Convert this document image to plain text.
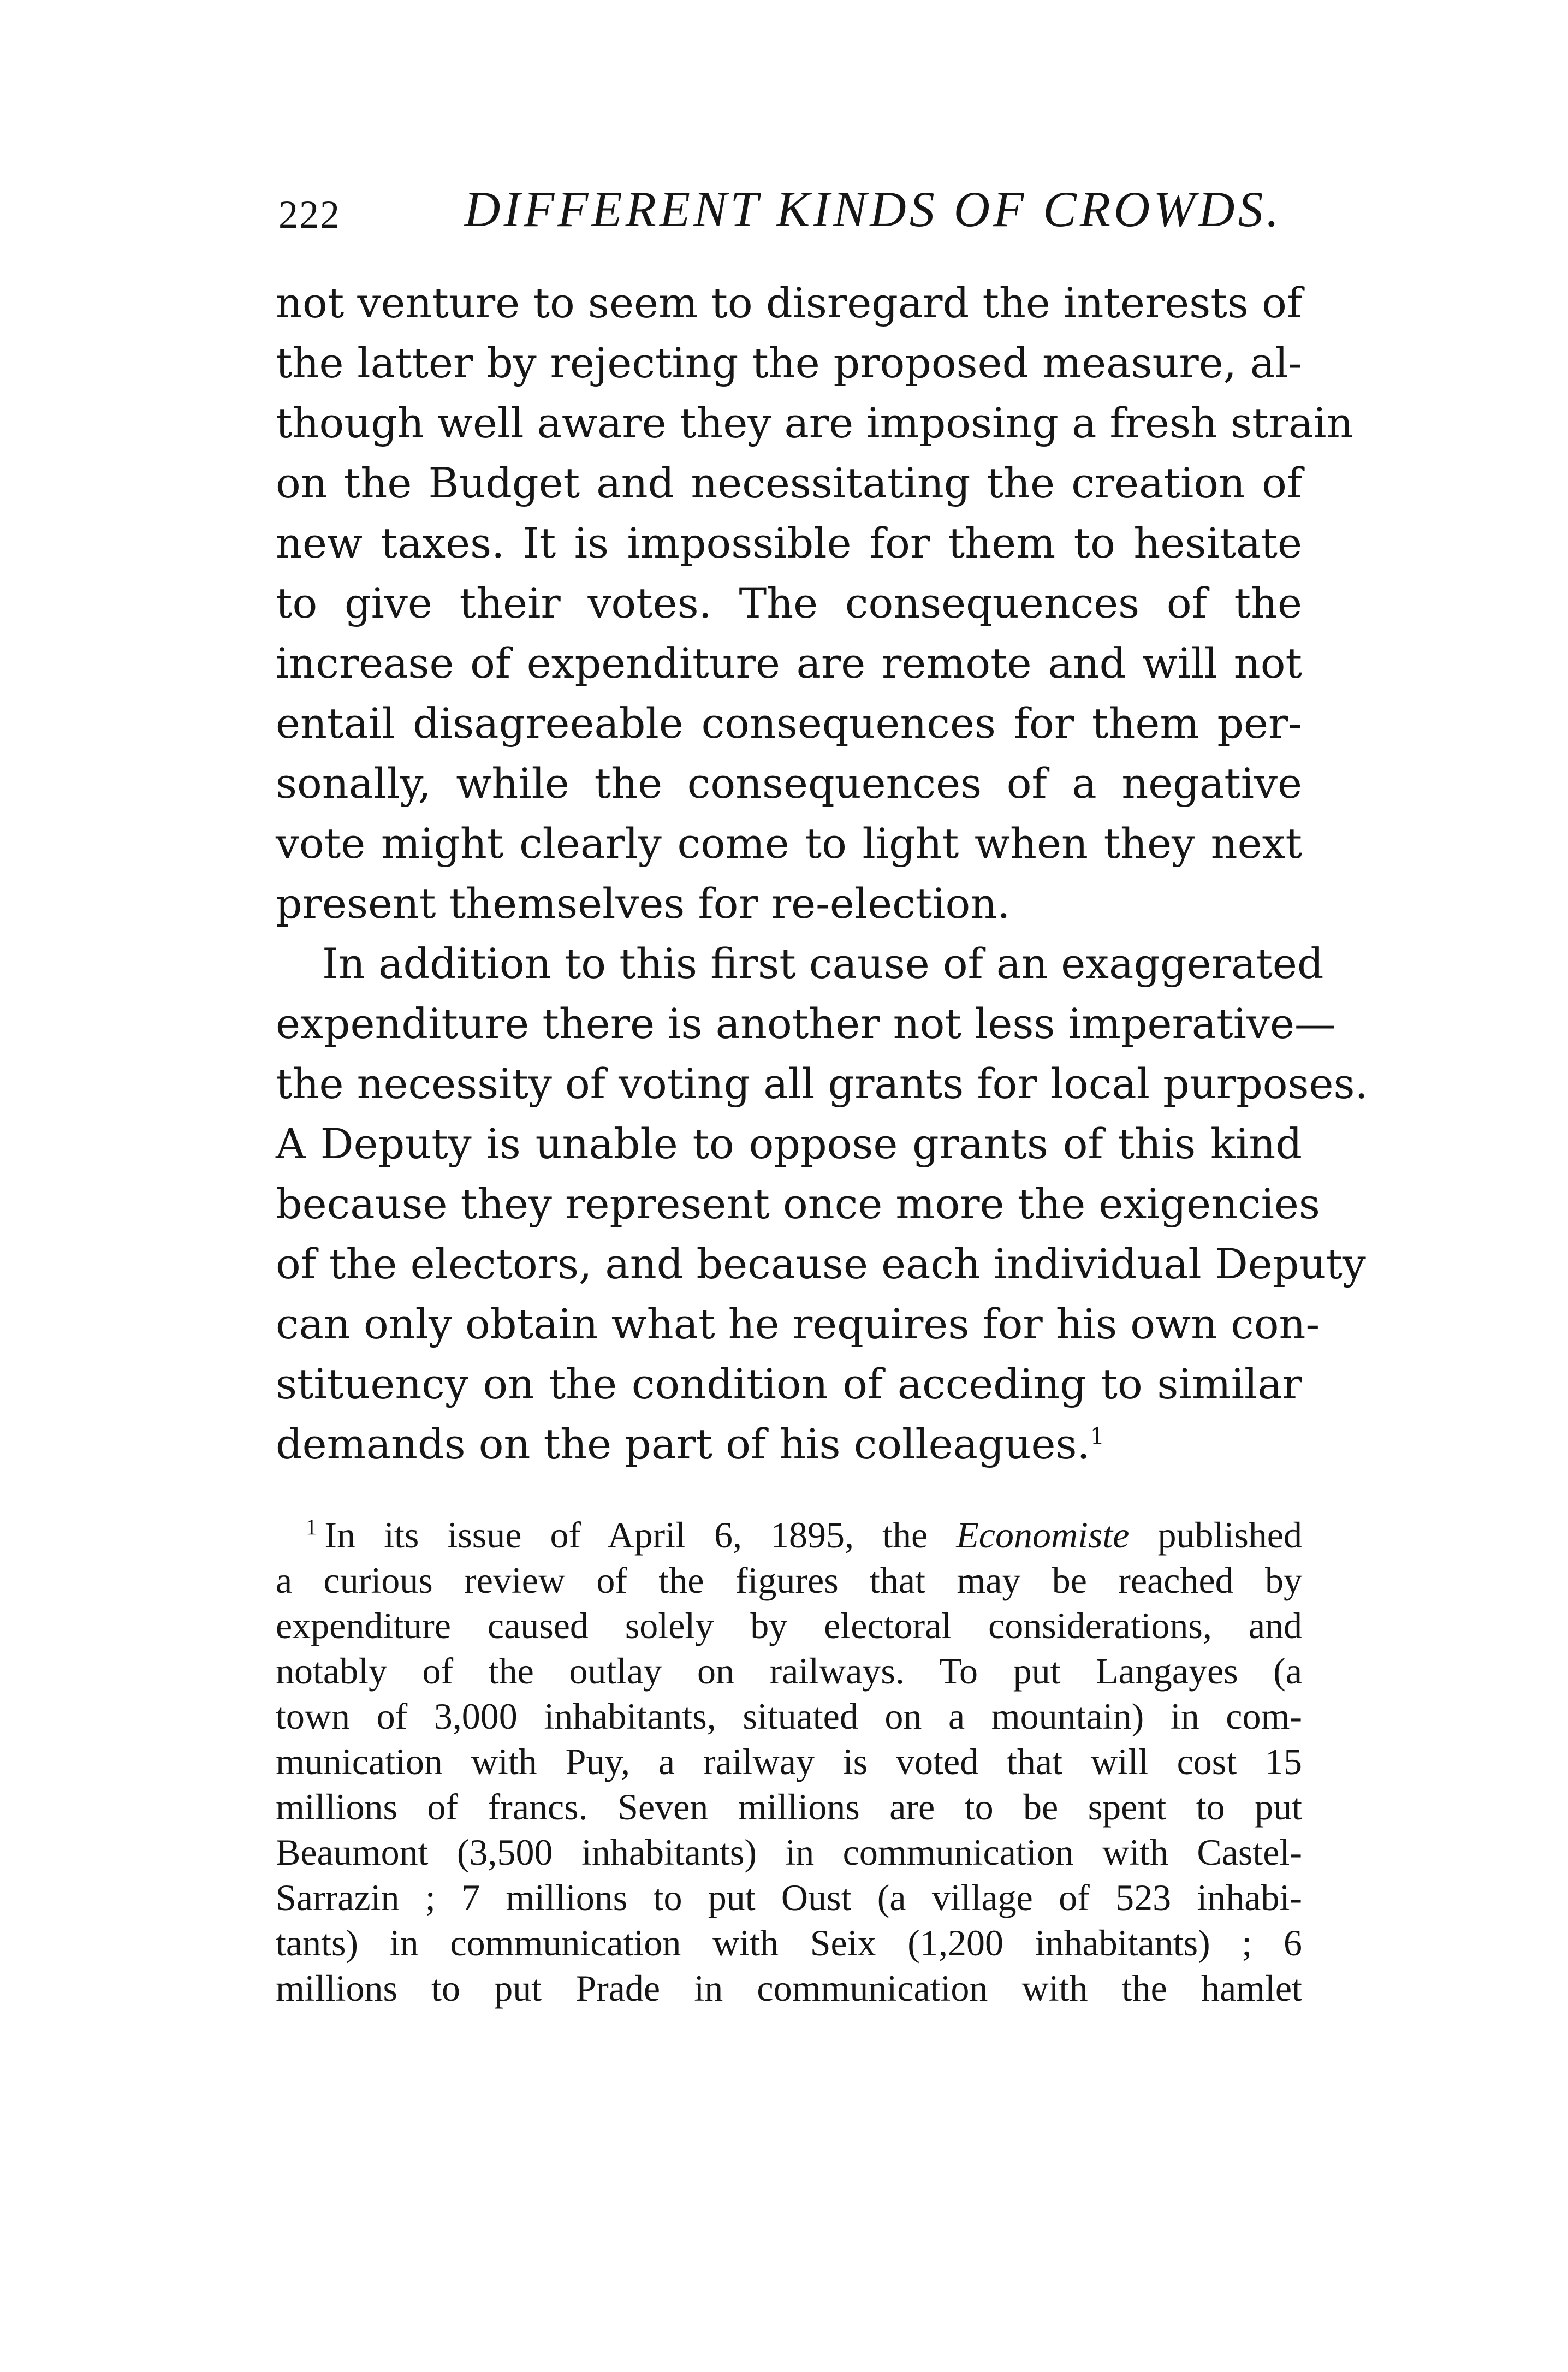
222 DIFFERENT KINDS OF CROWDS.
not venture to seem to disregard the interests of
the latter by rejecting the proposed measure, al-
though well aware they are imposing a fresh strain
on the Budget and necessitating the creation of
new taxes. It is impossible for them to hesitate
to give their votes. The consequences of the
increase of expenditure are remote and will not
entail disagreeable consequences for them per-
sonally, while the consequences of a negative
vote might clearly come to light when they next
present themselves for re-election.
In addition to this first cause of an exaggerated
expenditure there is another not less imperative—
the necessity of voting all grants for local purposes.
A Deputy is unable to oppose grants of this kind
because they represent once more the exigencies
of the electors, and because each individual Deputy
can only obtain what he requires for his own con-
stituency on the condition of acceding to similar
demands on the part of his colleagues.$^1$
$^1$ In its issue of April 6, 1895, the Economiste published
a curious review of the figures that may be reached by
expenditure caused solely by electoral considerations, and
notably of the outlay on railways. To put Langayes (a
town of 3,000 inhabitants, situated on a mountain) in com-
munication with Puy, a railway is voted that will cost 15
millions of francs. Seven millions are to be spent to put
Beaumont (3,500 inhabitants) in communication with Castel-
Sarrazin ; 7 millions to put Oust (a village of 523 inhabi-
tants) in communication with Seix (1,200 inhabitants) ; 6
millions to put Prade in communication with the hamlet
